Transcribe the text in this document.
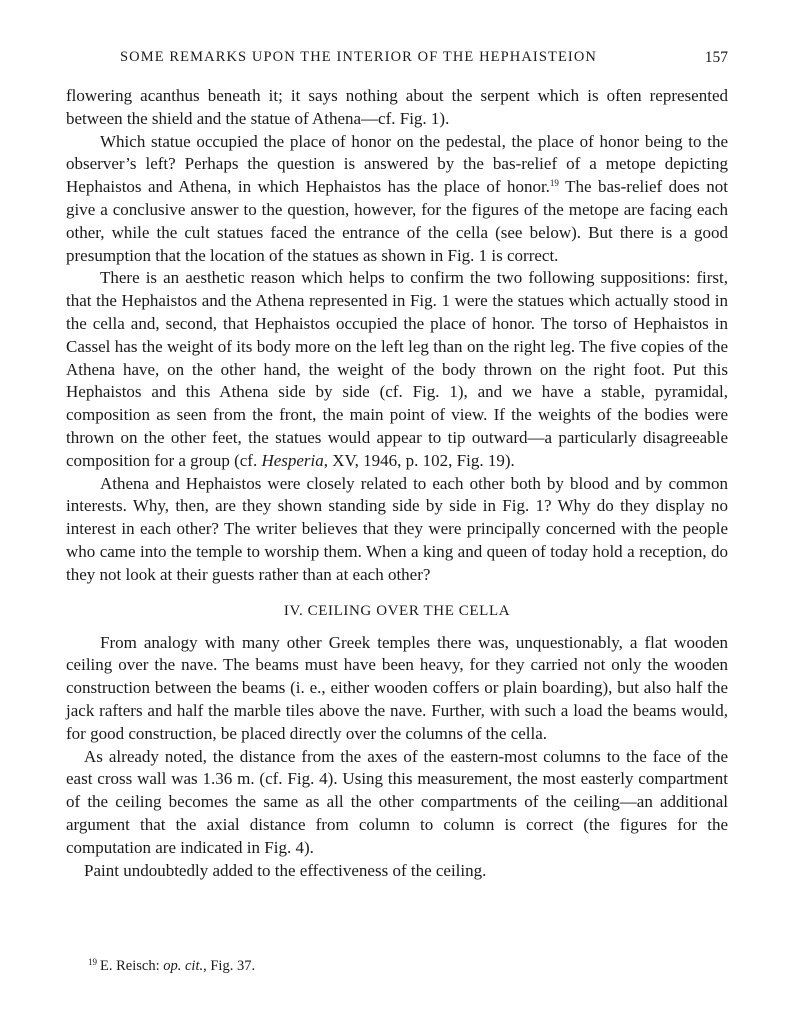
SOME REMARKS UPON THE INTERIOR OF THE HEPHAISTEION	157

flowering acanthus beneath it; it says nothing about the serpent which is often represented between the shield and the statue of Athena—cf. Fig. 1).

Which statue occupied the place of honor on the pedestal, the place of honor being to the observer’s left? Perhaps the question is answered by the bas-relief of a metope depicting Hephaistos and Athena, in which Hephaistos has the place of honor.$^{19}$ The bas-relief does not give a conclusive answer to the question, however, for the figures of the metope are facing each other, while the cult statues faced the entrance of the cella (see below). But there is a good presumption that the location of the statues as shown in Fig. 1 is correct.

There is an aesthetic reason which helps to confirm the two following suppositions: first, that the Hephaistos and the Athena represented in Fig. 1 were the statues which actually stood in the cella and, second, that Hephaistos occupied the place of honor. The torso of Hephaistos in Cassel has the weight of its body more on the left leg than on the right leg. The five copies of the Athena have, on the other hand, the weight of the body thrown on the right foot. Put this Hephaistos and this Athena side by side (cf. Fig. 1), and we have a stable, pyramidal, composition as seen from the front, the main point of view. If the weights of the bodies were thrown on the other feet, the statues would appear to tip outward—a particularly disagreeable composition for a group (cf. Hesperia, XV, 1946, p. 102, Fig. 19).

Athena and Hephaistos were closely related to each other both by blood and by common interests. Why, then, are they shown standing side by side in Fig. 1? Why do they display no interest in each other? The writer believes that they were principally concerned with the people who came into the temple to worship them. When a king and queen of today hold a reception, do they not look at their guests rather than at each other?

IV. CEILING OVER THE CELLA

From analogy with many other Greek temples there was, unquestionably, a flat wooden ceiling over the nave. The beams must have been heavy, for they carried not only the wooden construction between the beams (i. e., either wooden coffers or plain boarding), but also half the jack rafters and half the marble tiles above the nave. Further, with such a load the beams would, for good construction, be placed directly over the columns of the cella.

As already noted, the distance from the axes of the eastern-most columns to the face of the east cross wall was 1.36 m. (cf. Fig. 4). Using this measurement, the most easterly compartment of the ceiling becomes the same as all the other compartments of the ceiling—an additional argument that the axial distance from column to column is correct (the figures for the computation are indicated in Fig. 4).

Paint undoubtedly added to the effectiveness of the ceiling.

$^{19}$ E. Reisch: op. cit., Fig. 37.
